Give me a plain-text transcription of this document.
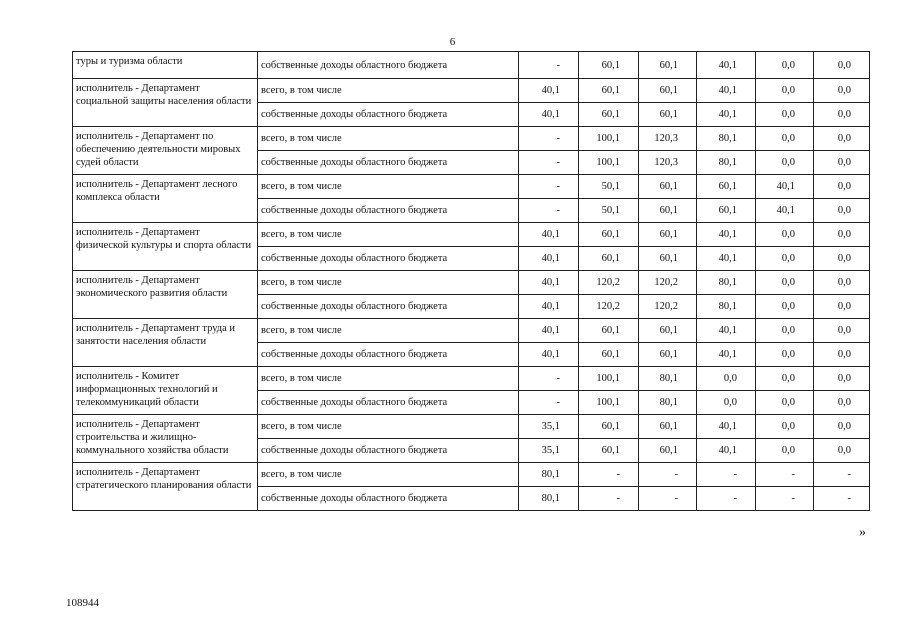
6
туры и туризма области	собственные доходы областного бюджета	-	60,1	60,1	40,1	0,0	0,0
исполнитель - Департамент социальной защиты населения области	всего, в том числе	40,1	60,1	60,1	40,1	0,0	0,0
	собственные доходы областного бюджета	40,1	60,1	60,1	40,1	0,0	0,0
исполнитель - Департамент по обеспечению деятельности мировых судей области	всего, в том числе	-	100,1	120,3	80,1	0,0	0,0
	собственные доходы областного бюджета	-	100,1	120,3	80,1	0,0	0,0
исполнитель - Департамент лесного комплекса области	всего, в том числе	-	50,1	60,1	60,1	40,1	0,0
	собственные доходы областного бюджета	-	50,1	60,1	60,1	40,1	0,0
исполнитель - Департамент физической культуры и спорта области	всего, в том числе	40,1	60,1	60,1	40,1	0,0	0,0
	собственные доходы областного бюджета	40,1	60,1	60,1	40,1	0,0	0,0
исполнитель - Департамент экономического развития области	всего, в том числе	40,1	120,2	120,2	80,1	0,0	0,0
	собственные доходы областного бюджета	40,1	120,2	120,2	80,1	0,0	0,0
исполнитель - Департамент труда и занятости населения области	всего, в том числе	40,1	60,1	60,1	40,1	0,0	0,0
	собственные доходы областного бюджета	40,1	60,1	60,1	40,1	0,0	0,0
исполнитель - Комитет информационных технологий и телекоммуникаций области	всего, в том числе	-	100,1	80,1	0,0	0,0	0,0
	собственные доходы областного бюджета	-	100,1	80,1	0,0	0,0	0,0
исполнитель - Департамент строительства и жилищно-коммунального хозяйства области	всего, в том числе	35,1	60,1	60,1	40,1	0,0	0,0
	собственные доходы областного бюджета	35,1	60,1	60,1	40,1	0,0	0,0
исполнитель - Департамент стратегического планирования области	всего, в том числе	80,1	-	-	-	-	-
	собственные доходы областного бюджета	80,1	-	-	-	-	-
»
108944
